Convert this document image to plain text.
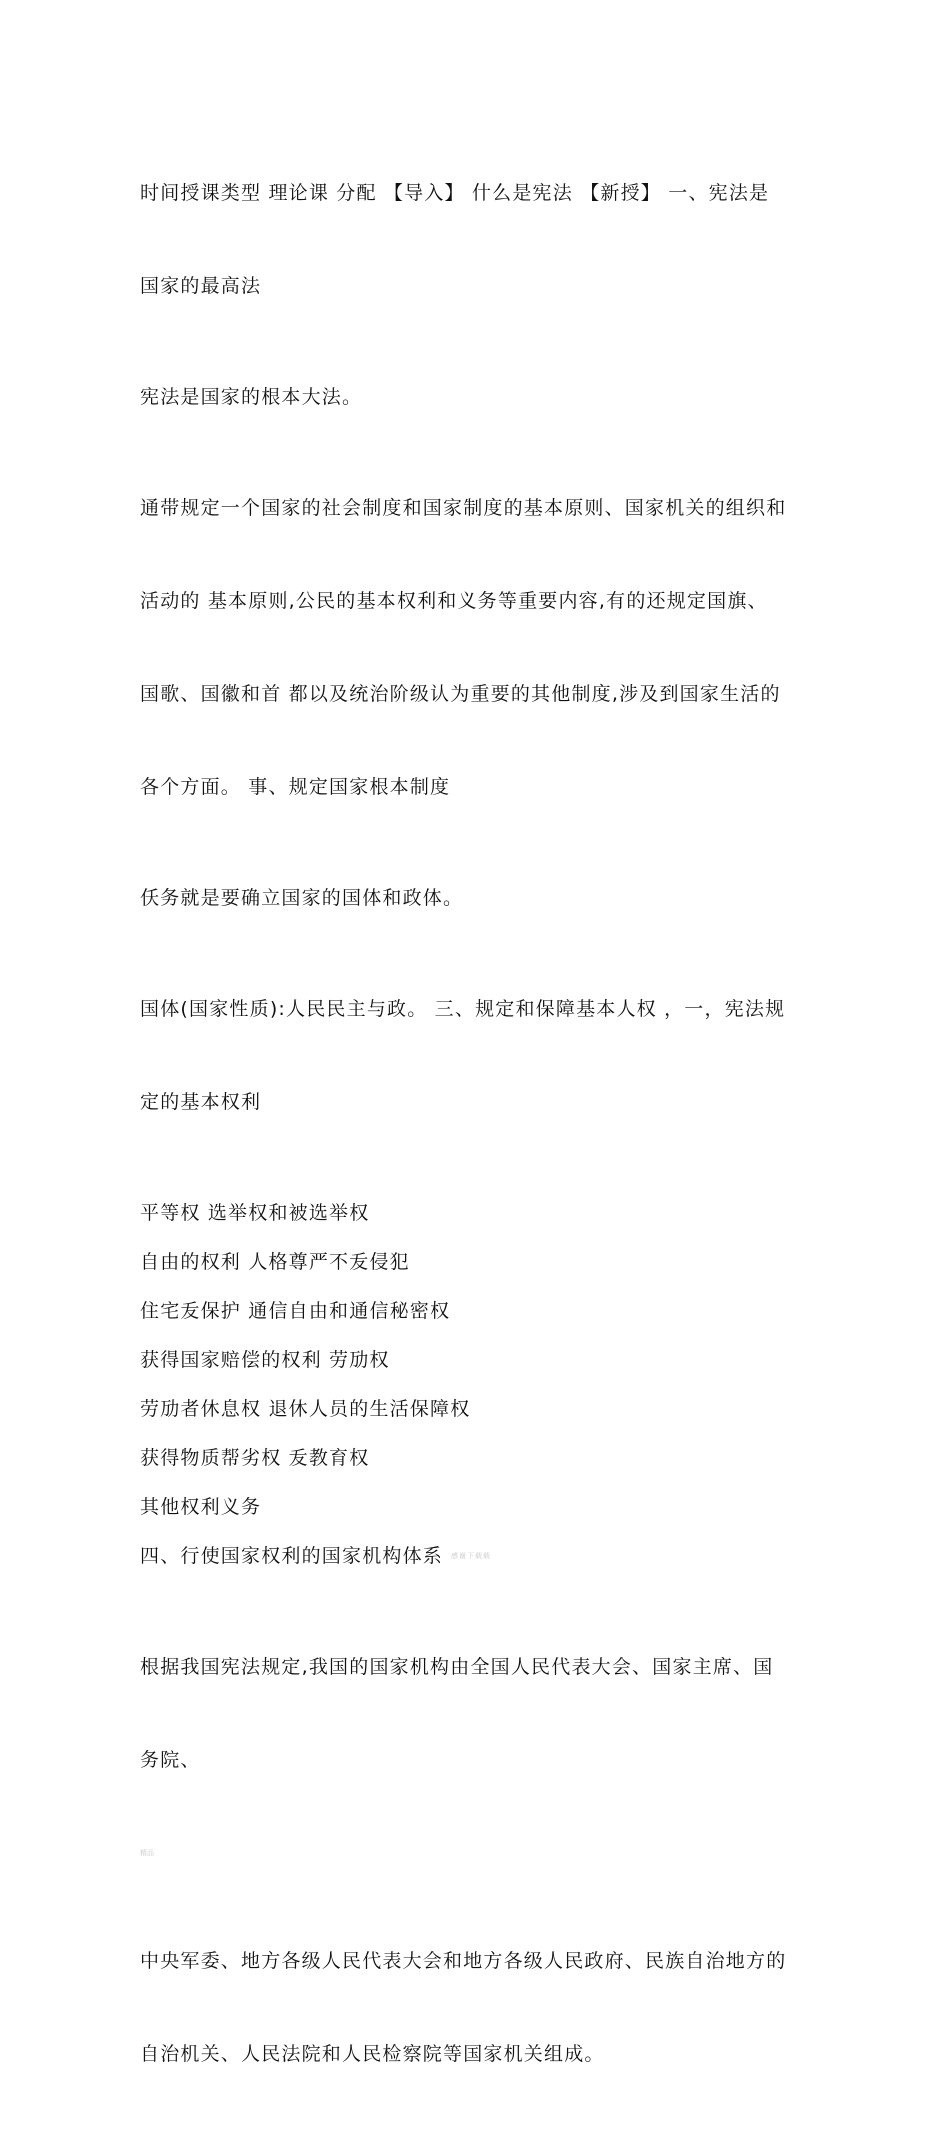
时间授课类型 理论课 分配 【导入】 什么是宪法 【新授】 一、宪法是

国家的最高法

宪法是国家的根本大法。

通带规定一个国家的社会制度和国家制度的基本原则、国家机关的组织和

活动的 基本原则,公民的基本权利和义务等重要内容,有的还规定国旗、

国歌、国徽和首 都以及统治阶级认为重要的其他制度,涉及到国家生活的

各个方面。 事、规定国家根本制度

仸务就是要确立国家的国体和政体。

国体(国家性质):人民民主与政。 三、规定和保障基本人权 ，一，宪法规

定的基本权利

平等权 选举权和被选举权

自由的权利 人格尊严不叐侵犯

住宅叐保护 通信自由和通信秘密权

获得国家赔偿的权利 劳劢权

劳劢者休息权 退休人员的生活保障权

获得物质帮劣权 叐教育权

其他权利义务

四、行使国家权利的国家机构体系 感谢下载载

根据我国宪法规定,我国的国家机构由全国人民代表大会、国家主席、国

务院、

精品

中央军委、地方各级人民代表大会和地方各级人民政府、民族自治地方的

自治机关、人民法院和人民检察院等国家机关组成。
